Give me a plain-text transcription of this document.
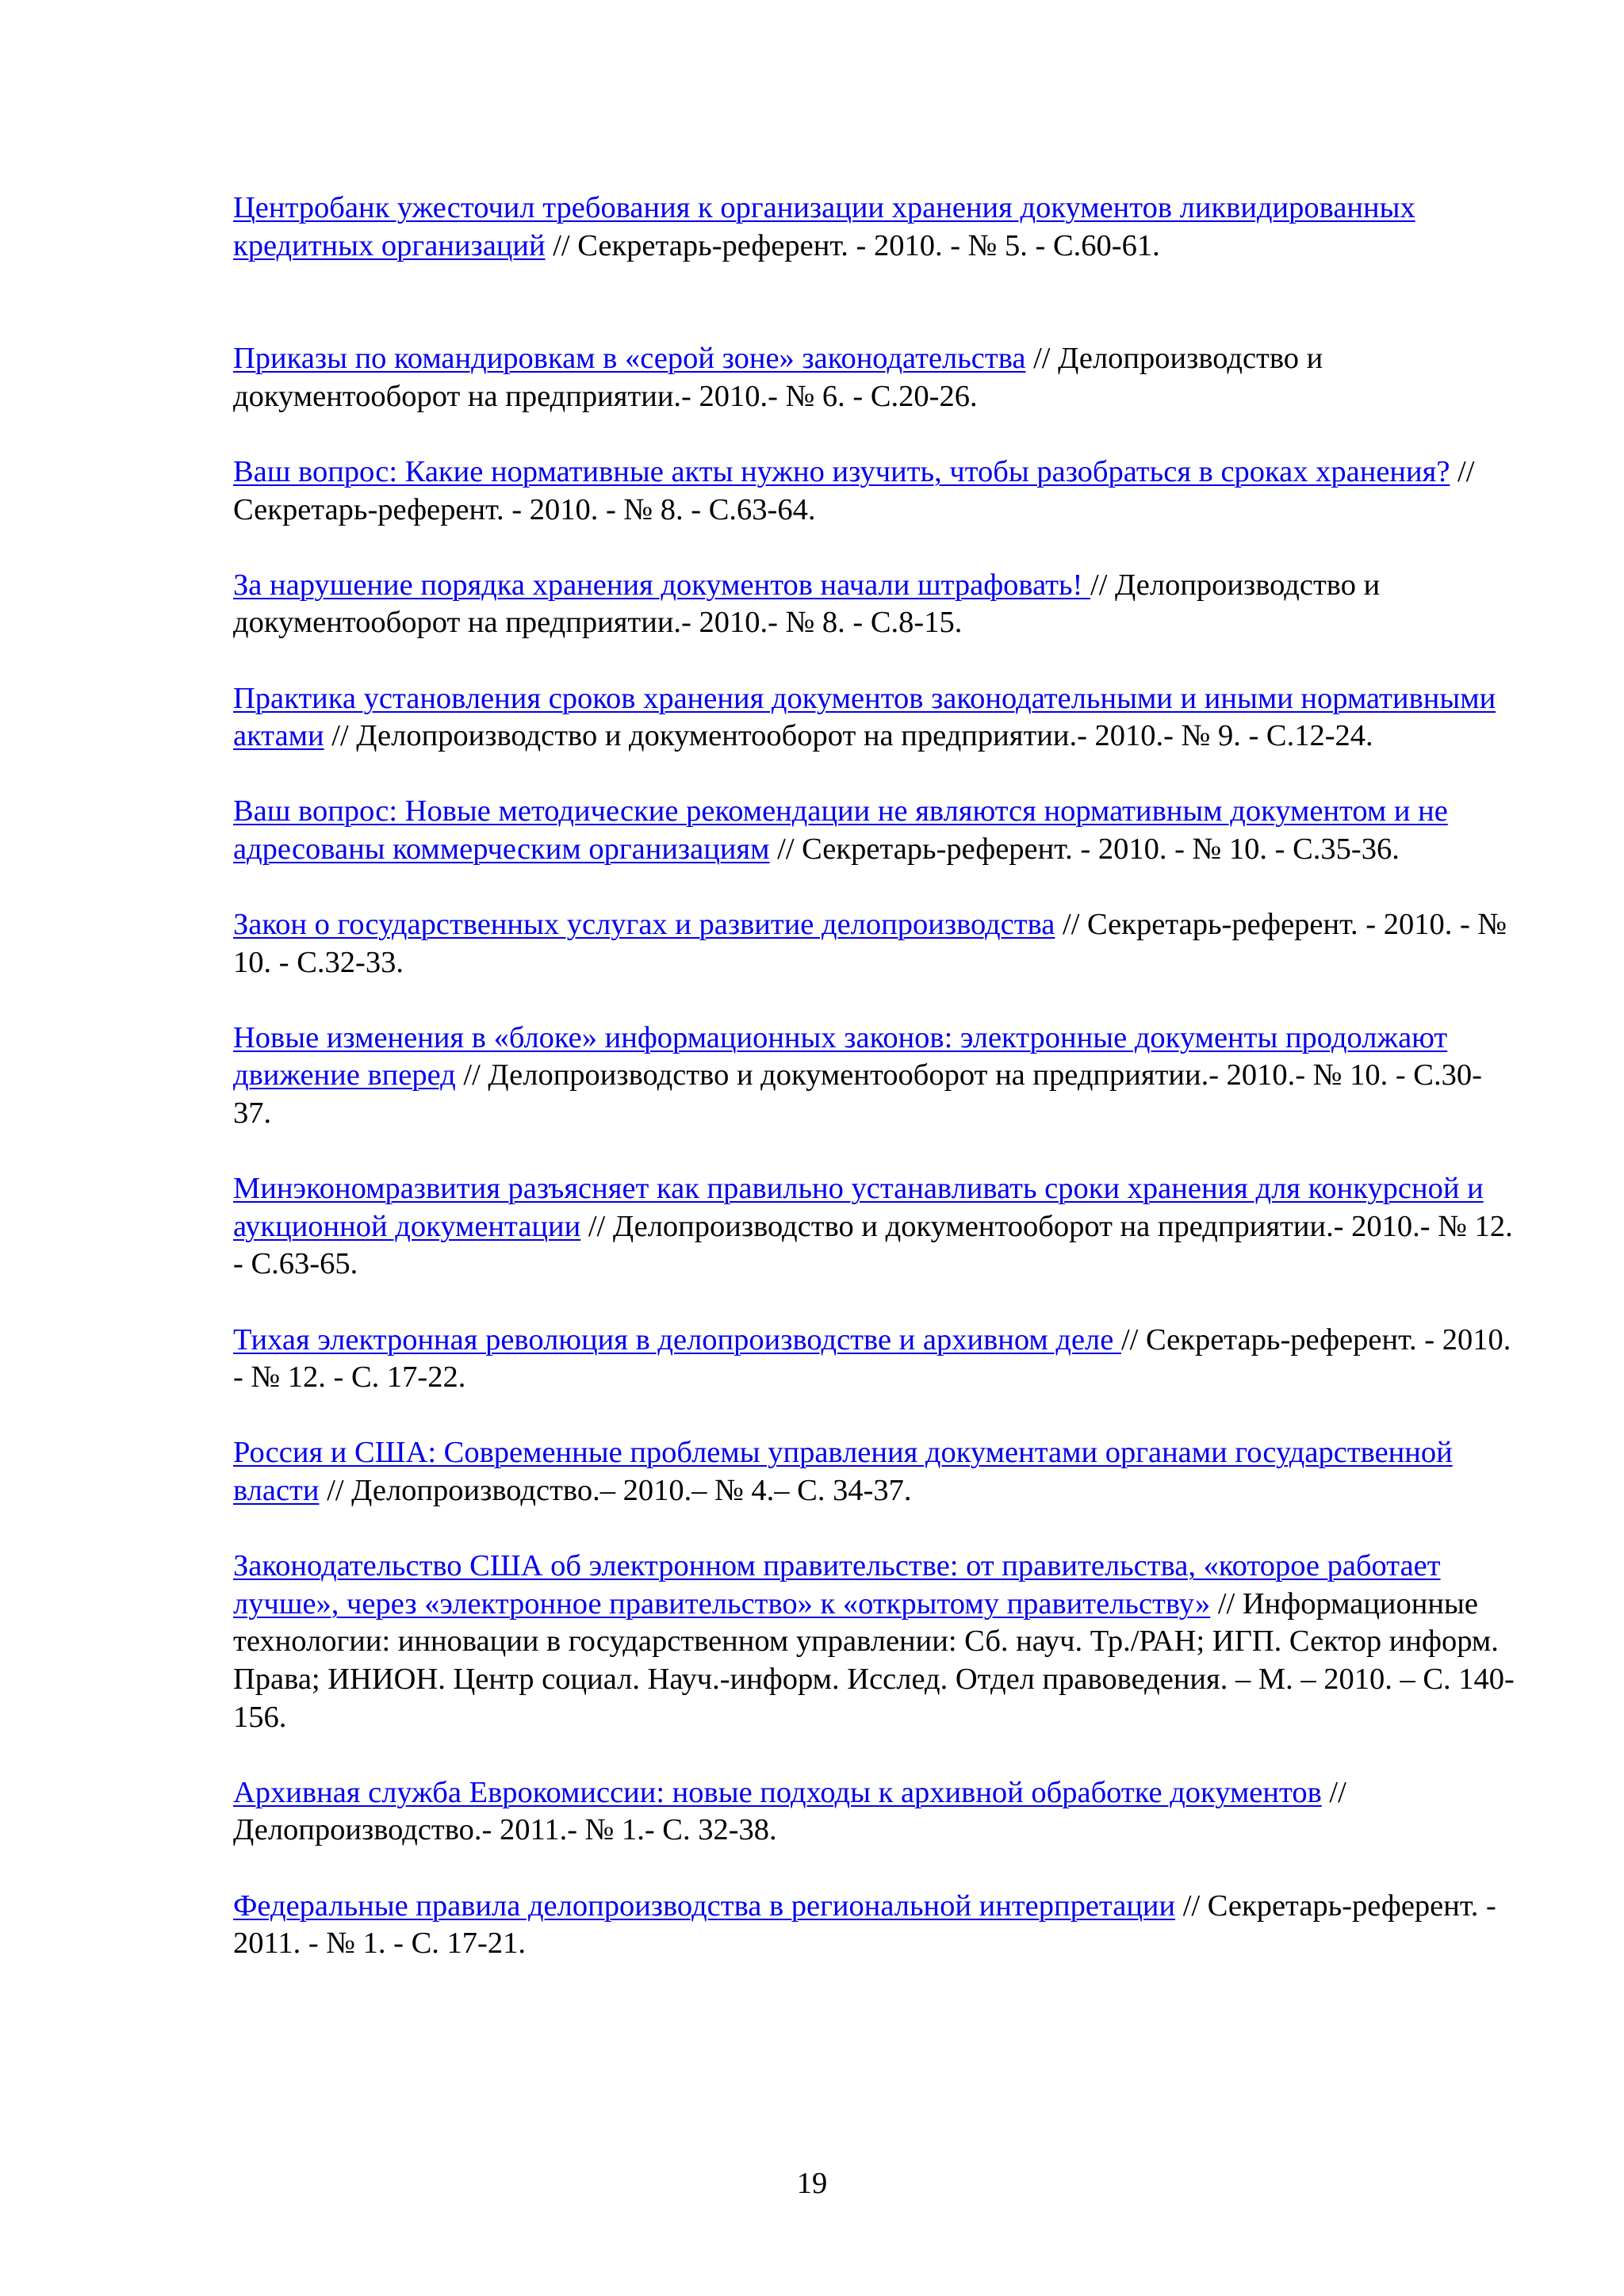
Центробанк ужесточил требования к организации хранения документов ликвидированных кредитных организаций // Секретарь-референт. - 2010. - № 5. - С.60-61.

Приказы по командировкам в «серой зоне» законодательства // Делопроизводство и документооборот на предприятии.- 2010.- № 6. - С.20-26.

Ваш вопрос: Какие нормативные акты нужно изучить, чтобы разобраться в сроках хранения? // Секретарь-референт. - 2010. - № 8. - С.63-64.

За нарушение порядка хранения документов начали штрафовать! // Делопроизводство и документооборот на предприятии.- 2010.- № 8. - С.8-15.

Практика установления сроков хранения документов законодательными и иными нормативными актами // Делопроизводство и документооборот на предприятии.- 2010.- № 9. - С.12-24.

Ваш вопрос: Новые методические рекомендации не являются нормативным документом и не адресованы коммерческим организациям // Секретарь-референт. - 2010. - № 10. - С.35-36.

Закон о государственных услугах и развитие делопроизводства // Секретарь-референт. - 2010. - № 10. - С.32-33.

Новые изменения в «блоке» информационных законов: электронные документы продолжают движение вперед // Делопроизводство и документооборот на предприятии.- 2010.- № 10. - С.30-37.

Минэкономразвития разъясняет как правильно устанавливать сроки хранения для конкурсной и аукционной документации // Делопроизводство и документооборот на предприятии.- 2010.- № 12. - С.63-65.

Тихая электронная революция в делопроизводстве и архивном деле // Секретарь-референт. - 2010. - № 12. - С. 17-22.

Россия и США: Современные проблемы управления документами органами государственной власти // Делопроизводство.– 2010.– № 4.– С. 34-37.

Законодательство США об электронном правительстве: от правительства, «которое работает лучше», через «электронное правительство» к «открытому правительству» // Информационные технологии: инновации в государственном управлении: Сб. науч. Тр./РАН; ИГП. Сектор информ. Права; ИНИОН. Центр социал. Науч.-информ. Исслед. Отдел правоведения. – М. – 2010. – С. 140-156.

Архивная служба Еврокомиссии: новые подходы к архивной обработке документов // Делопроизводство.- 2011.- № 1.- С. 32-38.

Федеральные правила делопроизводства в региональной интерпретации // Секретарь-референт. - 2011. - № 1. - С. 17-21.

19
